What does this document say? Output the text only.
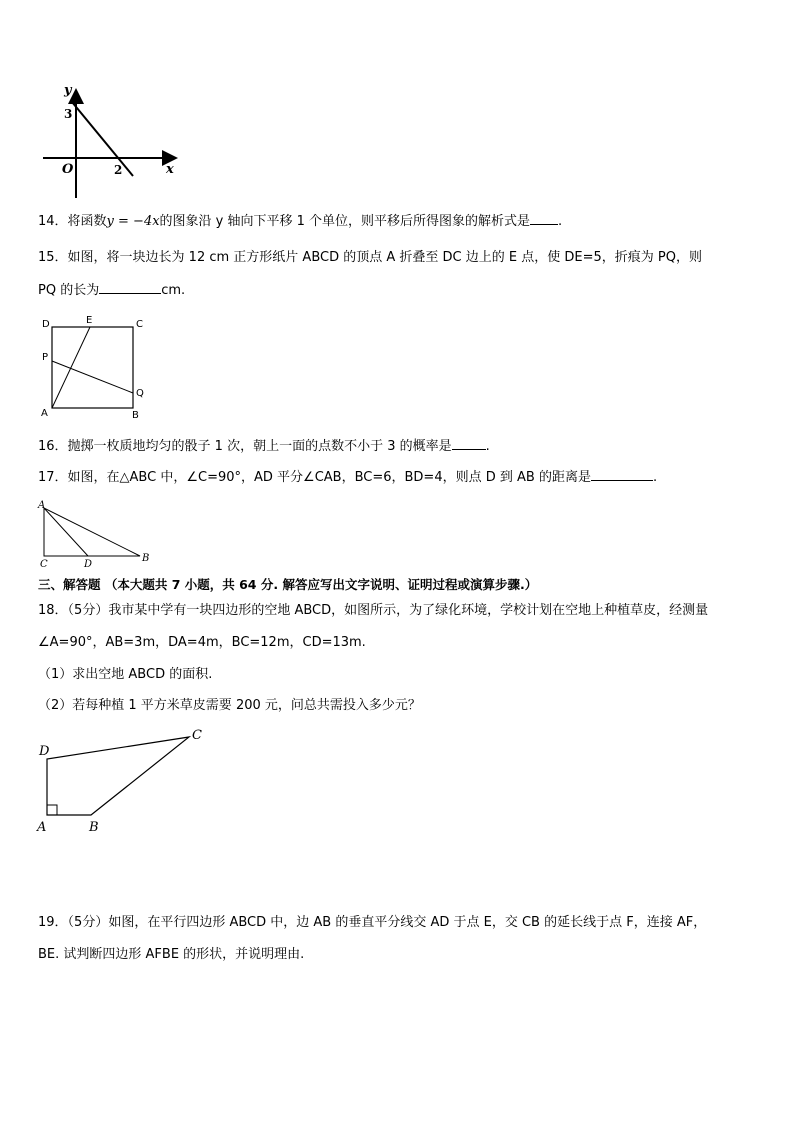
y
x
O
3
2
14．将函数y = −4x的图象沿 y 轴向下平移 1 个单位，则平移后所得图象的解析式是 .
15．如图，将一块边长为 12 cm 正方形纸片 ABCD 的顶点 A 折叠至 DC 边上的 E 点，使 DE=5，折痕为 PQ，则
PQ 的长为	cm.
D	E	C
P
Q
A	B
16．抛掷一枚质地均匀的骰子 1 次，朝上一面的点数不小于 3 的概率是	.
17．如图，在△ABC 中，∠C=90°，AD 平分∠CAB，BC=6，BD=4，则点 D 到 AB 的距离是	.
A
C	D
B
三、解答题 （本大题共 7 小题，共 64 分. 解答应写出文字说明、证明过程或演算步骤.）
18．（5分）我市某中学有一块四边形的空地 ABCD，如图所示，为了绿化环境，学校计划在空地上种植草皮，经测量
∠A=90°，AB=3m，DA=4m，BC=12m，CD=13m.
（1）求出空地 ABCD 的面积.
（2）若每种植 1 平方米草皮需要 200 元，问总共需投入多少元？
D
C
A	B
19．（5分）如图，在平行四边形 ABCD 中，边 AB 的垂直平分线交 AD 于点 E，交 CB 的延长线于点 F，连接 AF，
BE. 试判断四边形 AFBE 的形状，并说明理由.
